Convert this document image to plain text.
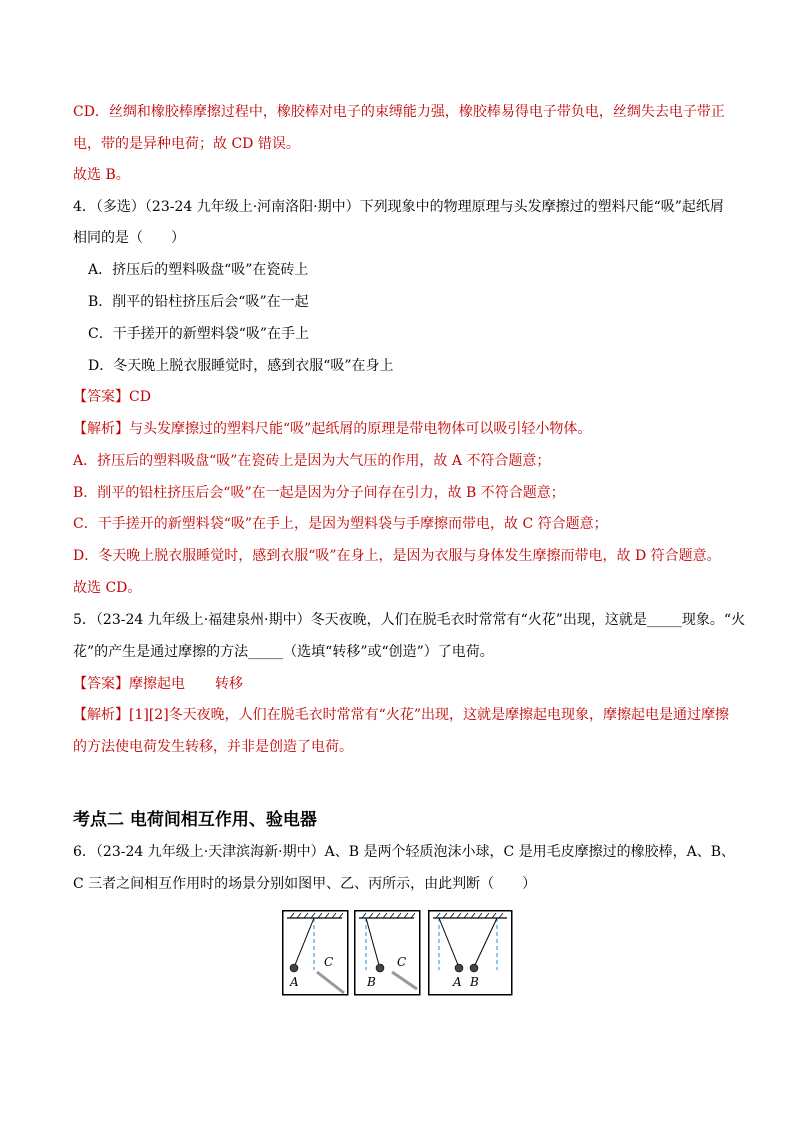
CD．丝绸和橡胶棒摩擦过程中，橡胶棒对电子的束缚能力强，橡胶棒易得电子带负电，丝绸失去电子带正
电，带的是异种电荷；故 CD 错误。
故选 B。
4．（多选）（23-24 九年级上·河南洛阳·期中）下列现象中的物理原理与头发摩擦过的塑料尺能“吸”起纸屑
相同的是（　　）
A．挤压后的塑料吸盘“吸”在瓷砖上
B．削平的铅柱挤压后会“吸”在一起
C．干手搓开的新塑料袋“吸”在手上
D．冬天晚上脱衣服睡觉时，感到衣服“吸”在身上
【答案】CD
【解析】与头发摩擦过的塑料尺能“吸”起纸屑的原理是带电物体可以吸引轻小物体。
A．挤压后的塑料吸盘“吸”在瓷砖上是因为大气压的作用，故 A 不符合题意；
B．削平的铅柱挤压后会“吸”在一起是因为分子间存在引力，故 B 不符合题意；
C．干手搓开的新塑料袋“吸”在手上，是因为塑料袋与手摩擦而带电，故 C 符合题意；
D．冬天晚上脱衣服睡觉时，感到衣服“吸”在身上，是因为衣服与身体发生摩擦而带电，故 D 符合题意。
故选 CD。
5．（23-24 九年级上·福建泉州·期中）冬天夜晚，人们在脱毛衣时常常有“火花”出现，这就是_____现象。“火
花”的产生是通过摩擦的方法_____（选填“转移”或“创造”）了电荷。
【答案】摩擦起电 转移
【解析】[1][2]冬天夜晚，人们在脱毛衣时常常有“火花”出现，这就是摩擦起电现象，摩擦起电是通过摩擦
的方法使电荷发生转移，并非是创造了电荷。
考点二 电荷间相互作用、验电器
6．（23-24 九年级上·天津滨海新·期中）A、B 是两个轻质泡沫小球，C 是用毛皮摩擦过的橡胶棒，A、B、
C 三者之间相互作用时的场景分别如图甲、乙、丙所示，由此判断（　　）
A
C
B
C
A B
